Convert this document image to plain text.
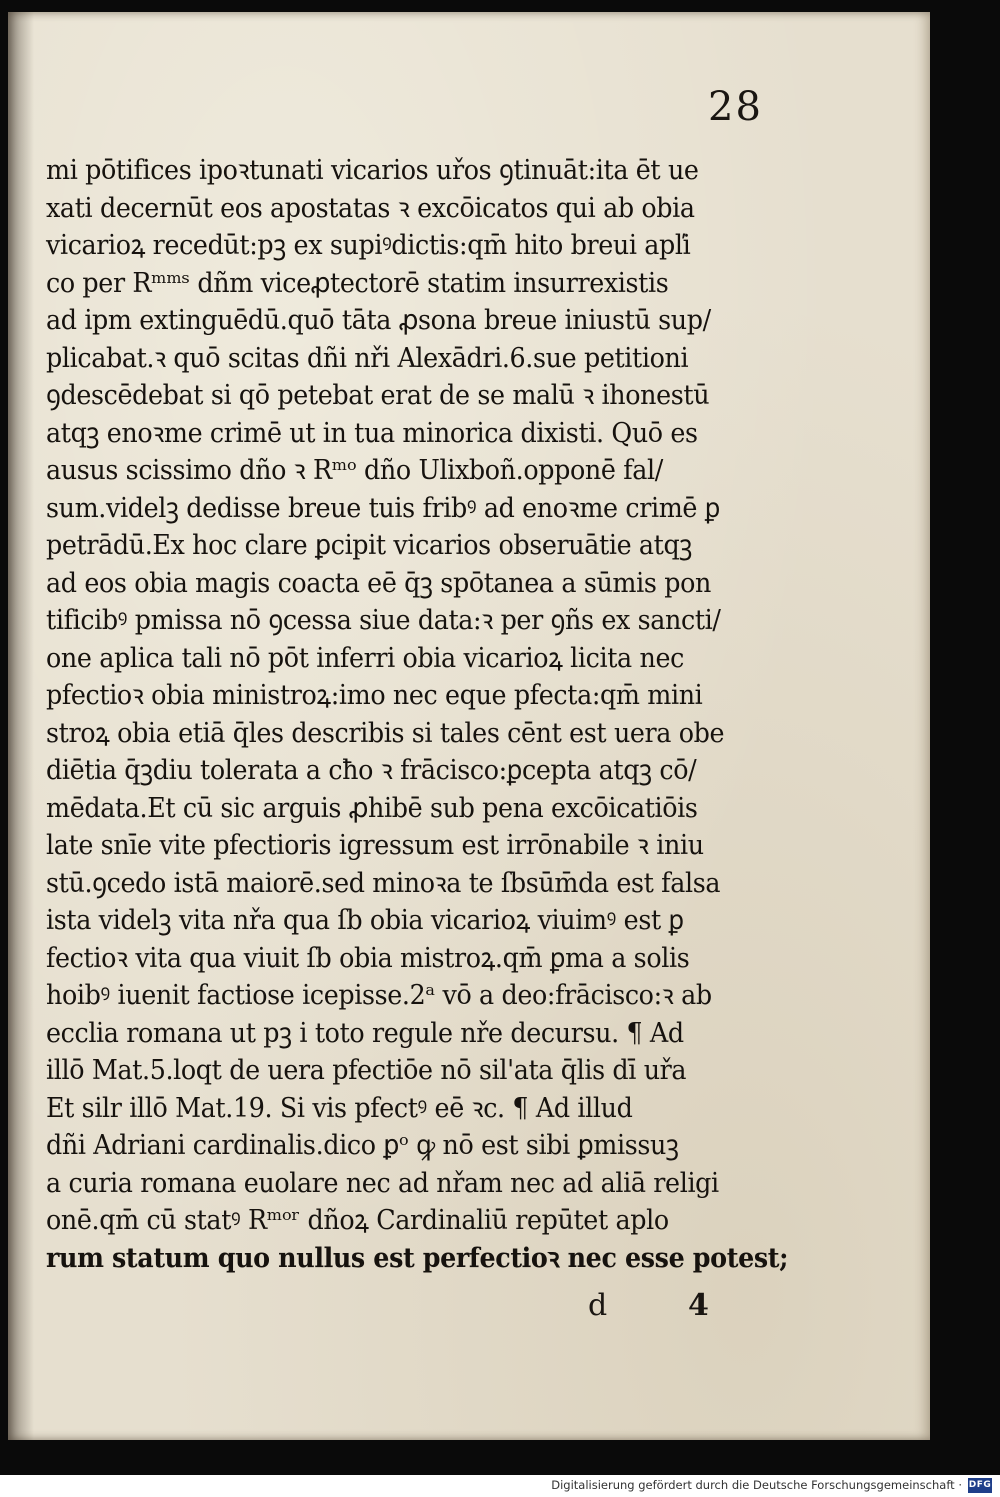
28
mi pōtifices ipoꝛtunati vicarios uřos ꝯtinuāt:ita ēt ue
xati decernūt eos apostatas ꝛ excōicatos qui ab obia
vicarioꝝ recedūt:pꝫ ex supiꝰdictis:qm̄ hito breui apľi
co per Rᵐᵐˢ dñm viceꝓtectorē statim insurrexistis
ad ipm extinguēdū.quō tāta ꝓsona breue iniustū sup/
plicabat.ꝛ quō scitas dñi nři Alexādri.6.sue petitioni
ꝯdescēdebat si qō petebat erat de se malū ꝛ ihonestū
atqꝫ enoꝛme crimē ut in tua minorica dixisti. Quō es
ausus scissimo dño ꝛ Rᵐᵒ dño Ulixboñ.opponē fal/
sum.videlꝫ dedisse breue tuis fribꝰ ad enoꝛme crimē ꝑ
petrādū.Ex hoc clare ꝑcipit vicarios obseruātie atqꝫ
ad eos obia magis coacta eē q̄ꝫ spōtanea a sūmis pon
tificibꝰ pmissa nō ꝯcessa siue data:ꝛ per ꝯñs ex sancti/
one aplica tali nō pōt inferri obia vicarioꝝ licita nec
pfectioꝛ obia ministroꝝ:imo nec eque pfecta:qm̄ mini
stroꝝ obia etiā q̄les describis si tales cēnt est uera obe
diētia q̄ꝫdiu tolerata a cħo ꝛ frācisco:ꝑcepta atqꝫ cō/
mēdata.Et cū sic arguis ꝓhibē sub pena excōicatiōis
late snīe vite pfectioris igressum est irrōnabile ꝛ iniu
stū.ꝯcedo istā maiorē.sed minoꝛa te ſbsūm̄da est falsa
ista videlꝫ vita nřa qua ſb obia vicarioꝝ viuimꝰ est ꝑ
fectioꝛ vita qua viuit ſb obia mistroꝝ.qm̄ ꝑma a solis
hoibꝰ iuenit factiose icepisse.2ᵃ vō a deo:frācisco:ꝛ ab
ecclia romana ut pꝫ i toto regule nře decursu. ¶ Ad
illō Mat.5.loqt de uera pfectiōe nō sil'ata q̄lis dī uřa
Et silr illō Mat.19. Si vis pfectꝰ eē ꝛc. ¶ Ad illud
dñi Adriani cardinalis.dico ꝑᵒ ꝙ nō est sibi ꝑmissuꝫ
a curia romana euolare nec ad nřam nec ad aliā religi
onē.qm̄ cū statꝰ Rᵐᵒʳ dñoꝝ Cardinaliū repūtet aplo
rum statum quo nullus est perfectioꝛ nec esse potest;
d	4
Digitalisierung gefördert durch die Deutsche Forschungsgemeinschaft · DFG
